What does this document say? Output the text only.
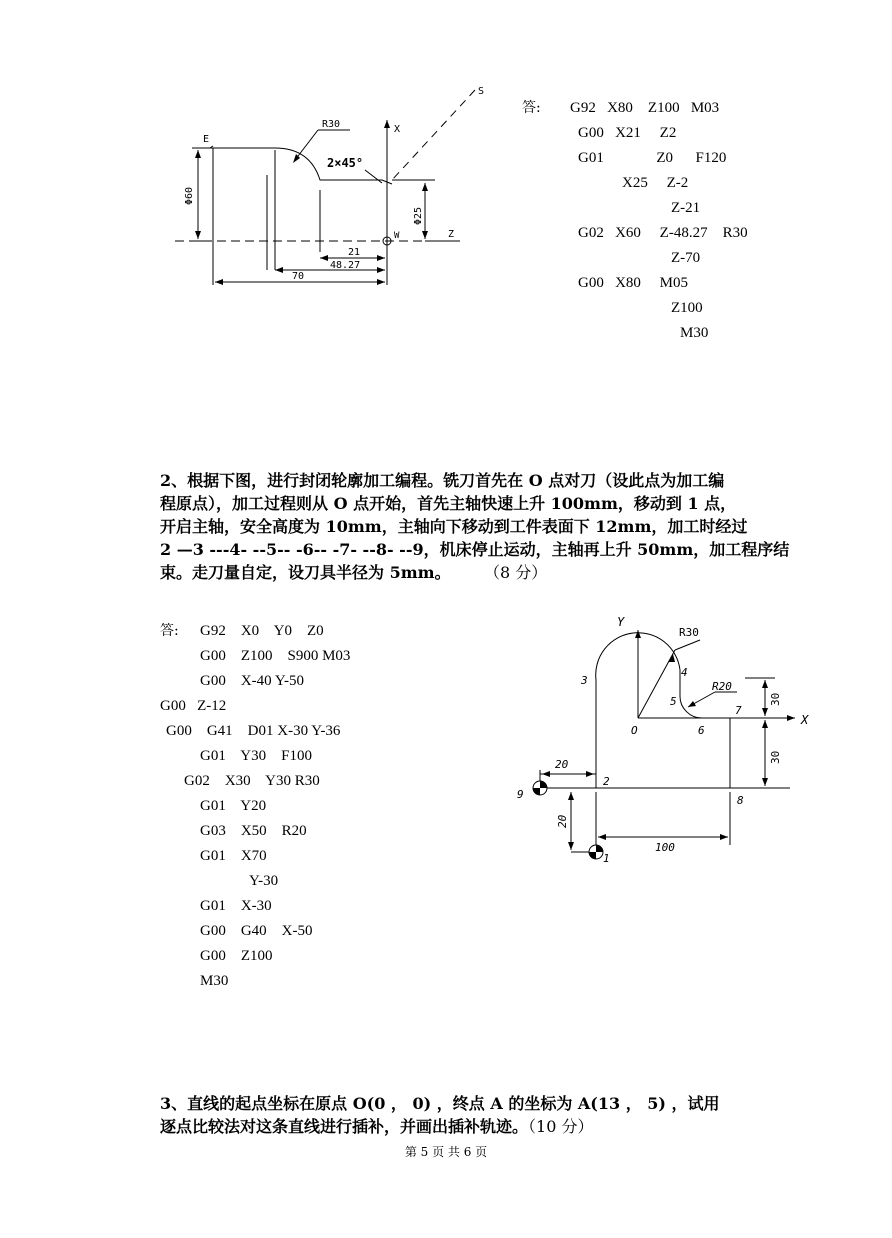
S
E
R30	X
2×45°
Φ60
Φ25
W	Z
21
48.27
70
答: G92   X80    Z100   M03
G00   X21     Z2
G01              Z0      F120
X25     Z-2
Z-21
G02   X60     Z-48.27    R30
Z-70
G00   X80     M05
Z100
M30
2、根据下图，进行封闭轮廓加工编程。铣刀首先在 O 点对刀（设此点为加工编
程原点），加工过程则从 O 点开始，首先主轴快速上升 100mm，移动到 1 点，
开启主轴，安全高度为 10mm，主轴向下移动到工件表面下 12mm，加工时经过
2 —3 ---4- --5-- -6-- -7- --8- --9，机床停止运动，主轴再上升 50mm，加工程序结
束。走刀量自定，设刀具半径为 5mm。 （8 分）
答: G92    X0    Y0    Z0
G00    Z100    S900 M03
G00    X-40 Y-50
G00   Z-12
G00    G41    D01 X-30 Y-36
G01    Y30    F100
G02    X30    Y30 R30
G01    Y20
G03    X50    R20
G01    X70
Y-30
G01    X-30
G00    G40    X-50
G00    Z100
M30
Y
X
R30
R20
O
1
2
3
4
5
6
7
8
9
20
20
100
30
30
3、直线的起点坐标在原点 O(0 ， 0) ，终点 A 的坐标为 A(13 ， 5) ，试用
逐点比较法对这条直线进行插补，并画出插补轨迹。（10 分）
第 5 页 共 6 页
